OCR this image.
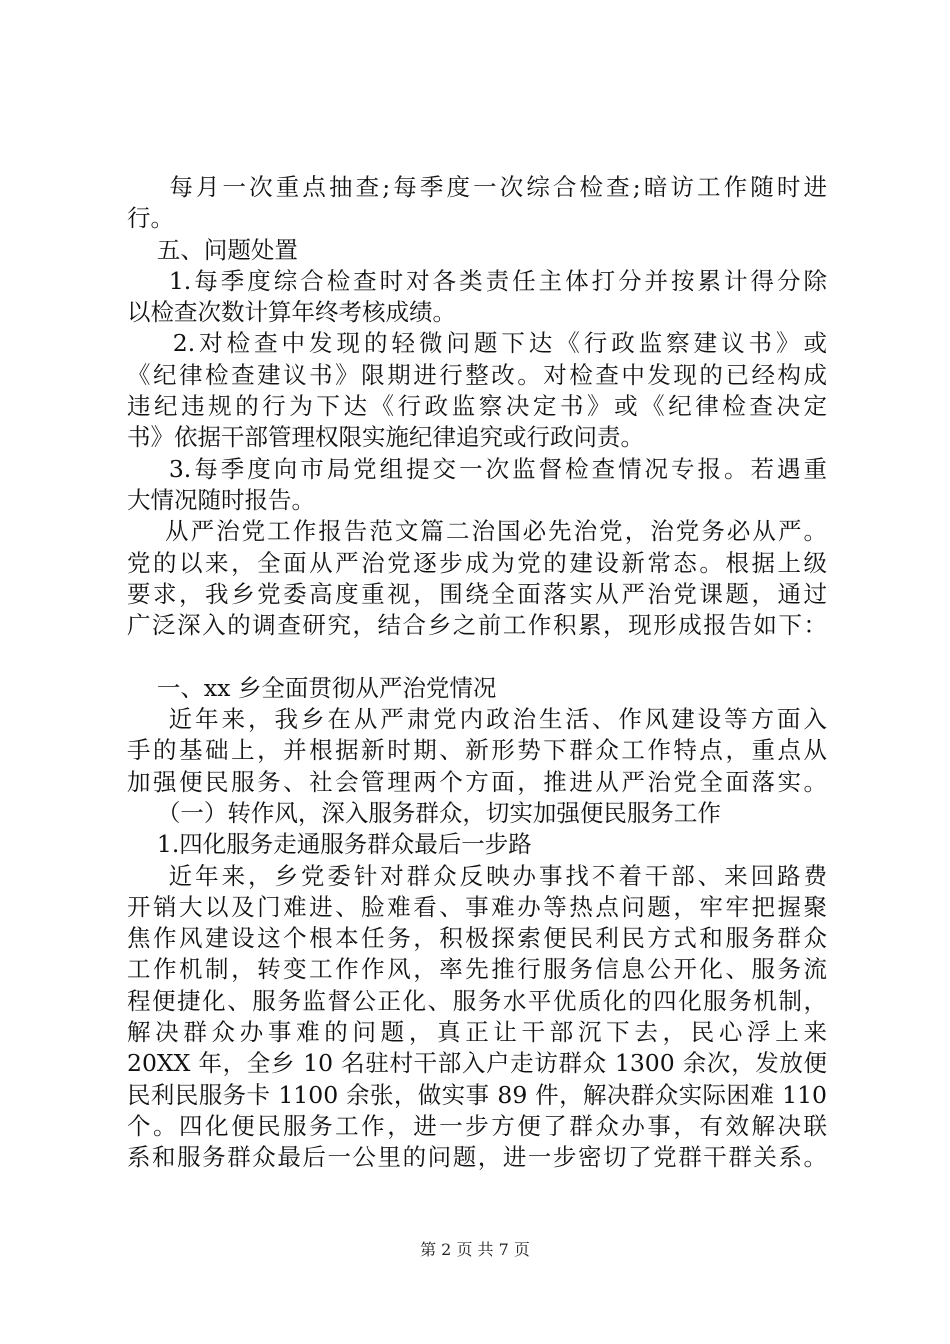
每月一次重点抽查;每季度一次综合检查;暗访工作随时进
行。
五、问题处置
1.每季度综合检查时对各类责任主体打分并按累计得分除
以检查次数计算年终考核成绩。
2.对检查中发现的轻微问题下达《行政监察建议书》或
《纪律检查建议书》限期进行整改。对检查中发现的已经构成
违纪违规的行为下达《行政监察决定书》或《纪律检查决定
书》依据干部管理权限实施纪律追究或行政问责。
3.每季度向市局党组提交一次监督检查情况专报。若遇重
大情况随时报告。
从严治党工作报告范文篇二治国必先治党，治党务必从严。
党的以来，全面从严治党逐步成为党的建设新常态。根据上级
要求，我乡党委高度重视，围绕全面落实从严治党课题，通过
广泛深入的调查研究，结合乡之前工作积累，现形成报告如下：
一、xx 乡全面贯彻从严治党情况
近年来，我乡在从严肃党内政治生活、作风建设等方面入
手的基础上，并根据新时期、新形势下群众工作特点，重点从
加强便民服务、社会管理两个方面，推进从严治党全面落实。
（一）转作风，深入服务群众，切实加强便民服务工作
1.四化服务走通服务群众最后一步路
近年来，乡党委针对群众反映办事找不着干部、来回路费
开销大以及门难进、脸难看、事难办等热点问题，牢牢把握聚
焦作风建设这个根本任务，积极探索便民利民方式和服务群众
工作机制，转变工作作风，率先推行服务信息公开化、服务流
程便捷化、服务监督公正化、服务水平优质化的四化服务机制，
解决群众办事难的问题，真正让干部沉下去，民心浮上来
20XX 年，全乡 10 名驻村干部入户走访群众 1300 余次，发放便
民利民服务卡 1100 余张，做实事 89 件，解决群众实际困难 110
个。四化便民服务工作，进一步方便了群众办事，有效解决联
系和服务群众最后一公里的问题，进一步密切了党群干群关系。
第 2 页 共 7 页
